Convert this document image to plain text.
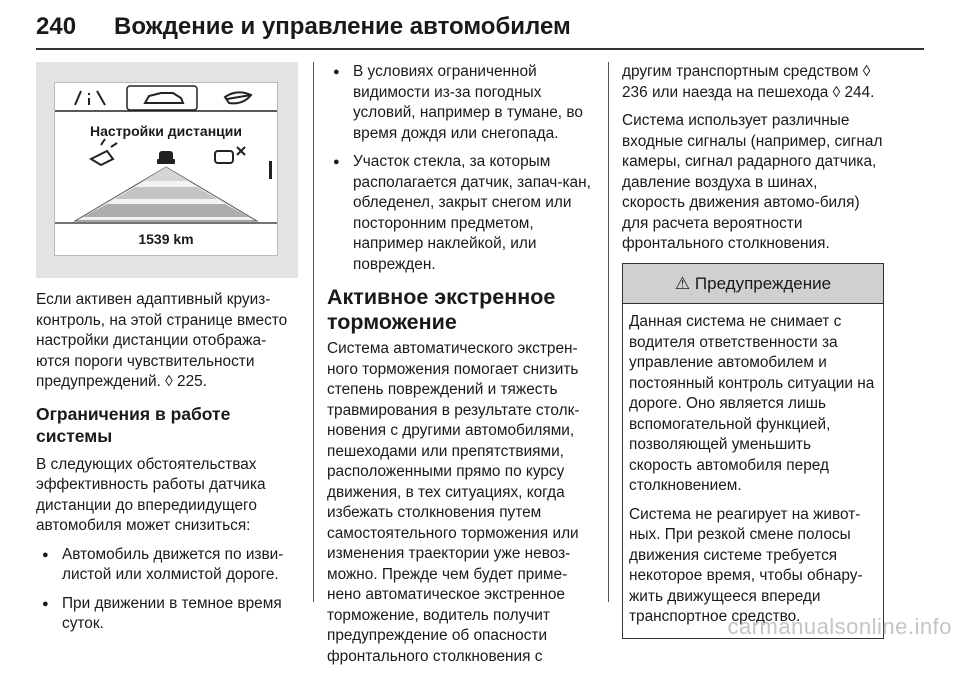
240 Вождение и управление автомобилем
Настройки дистанции
1539 km

Если активен адаптивный круиз-контроль, на этой странице вместо настройки дистанции отобража-ются пороги чувствительности предупреждений. ◊ 225.

Ограничения в работе системы

В следующих обстоятельствах эффективность работы датчика дистанции до впередиидущего автомобиля может снизиться:

● Автомобиль движется по изви-листой или холмистой дороге.
● При движении в темное время суток.
● В условиях ограниченной видимости из-за погодных условий, например в тумане, во время дождя или снегопада.
● Участок стекла, за которым располагается датчик, запач-кан, обледенел, закрыт снегом или посторонним предметом, например наклейкой, или поврежден.
Активное экстренное торможение

Система автоматического экстрен-ного торможения помогает снизить степень повреждений и тяжесть травмирования в результате столк-новения с другими автомобилями, пешеходами или препятствиями, расположенными прямо по курсу движения, в тех ситуациях, когда избежать столкновения путем самостоятельного торможения или изменения траектории уже невоз-можно. Прежде чем будет приме-нено автоматическое экстренное торможение, водитель получит предупреждение об опасности фронтального столкновения с

другим транспортным средством ◊ 236 или наезда на пешехода ◊ 244.

Система использует различные входные сигналы (например, сигнал камеры, сигнал радарного датчика, давление воздуха в шинах, скорость движения автомо-биля) для расчета вероятности фронтального столкновения.

⚠ Предупреждение

Данная система не снимает с водителя ответственности за управление автомобилем и постоянный контроль ситуации на дороге. Оно является лишь вспомогательной функцией, позволяющей уменьшить скорость автомобиля перед столкновением.

Система не реагирует на живот-ных. При резкой смене полосы движения системе требуется некоторое время, чтобы обнару-жить движущееся впереди транспортное средство.

carmanualsonline.info
